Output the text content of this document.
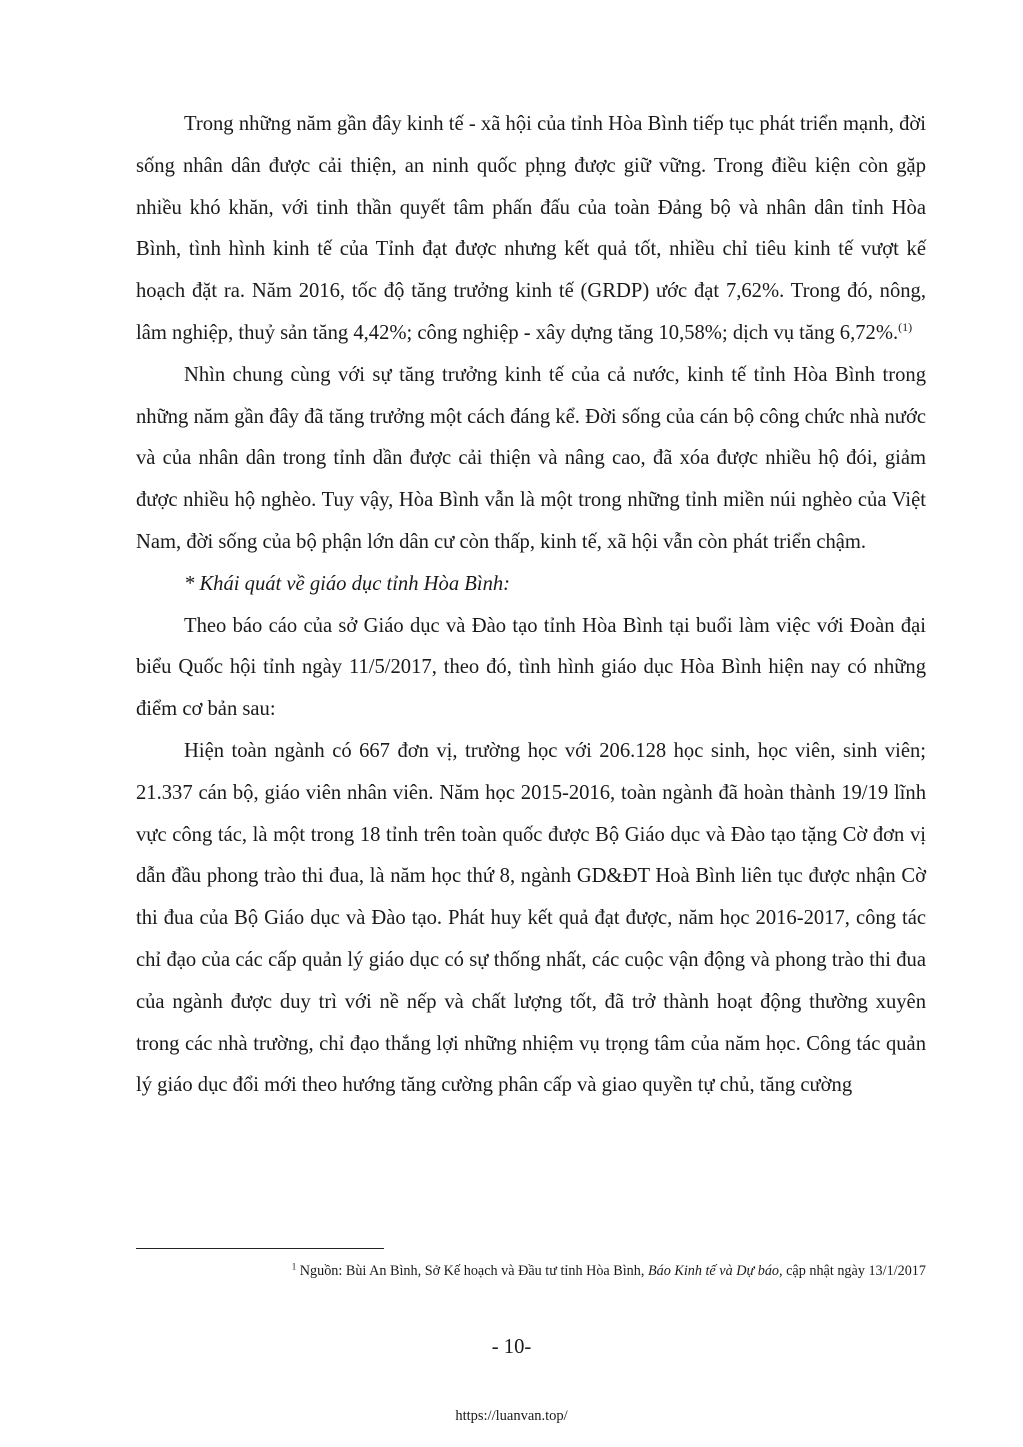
Trong những năm gần đây kinh tế - xã hội của tỉnh Hòa Bình tiếp tục phát triển mạnh, đời sống nhân dân được cải thiện, an ninh quốc pḥng được giữ vững. Trong điều kiện còn gặp nhiều khó khăn, với tinh thần quyết tâm phấn đấu của toàn Đảng bộ và nhân dân tỉnh Hòa Bình, tình hình kinh tế của Tỉnh đạt được nhưng kết quả tốt, nhiều chỉ tiêu kinh tế vượt kế hoạch đặt ra. Năm 2016, tốc độ tăng trưởng kinh tế (GRDP) ước đạt 7,62%. Trong đó, nông, lâm nghiệp, thuỷ sản tăng 4,42%; công nghiệp - xây dựng tăng 10,58%; dịch vụ tăng 6,72%.$^{(1)}$

Nhìn chung cùng với sự tăng trưởng kinh tế của cả nước, kinh tế tỉnh Hòa Bình trong những năm gần đây đã tăng trưởng một cách đáng kể. Đời sống của cán bộ công chức nhà nước và của nhân dân trong tỉnh dần được cải thiện và nâng cao, đã xóa được nhiều hộ đói, giảm được nhiều hộ nghèo. Tuy vậy, Hòa Bình vẫn là một trong những tỉnh miền núi nghèo của Việt Nam, đời sống của bộ phận lớn dân cư còn thấp, kinh tế, xã hội vẫn còn phát triển chậm.

* Khái quát về giáo dục tỉnh Hòa Bình:

Theo báo cáo của sở Giáo dục và Đào tạo tỉnh Hòa Bình tại buổi làm việc với Đoàn đại biểu Quốc hội tỉnh ngày 11/5/2017, theo đó, tình hình giáo dục Hòa Bình hiện nay có những điểm cơ bản sau:

Hiện toàn ngành có 667 đơn vị, trường học với 206.128 học sinh, học viên, sinh viên; 21.337 cán bộ, giáo viên nhân viên. Năm học 2015-2016, toàn ngành đã hoàn thành 19/19 lĩnh vực công tác, là một trong 18 tỉnh trên toàn quốc được Bộ Giáo dục và Đào tạo tặng Cờ đơn vị dẫn đầu phong trào thi đua, là năm học thứ 8, ngành GD&ĐT Hoà Bình liên tục được nhận Cờ thi đua của Bộ Giáo dục và Đào tạo. Phát huy kết quả đạt được, năm học 2016-2017, công tác chỉ đạo của các cấp quản lý giáo dục có sự thống nhất, các cuộc vận động và phong trào thi đua của ngành được duy trì với nề nếp và chất lượng tốt, đã trở thành hoạt động thường xuyên trong các nhà trường, chỉ đạo thắng lợi những nhiệm vụ trọng tâm của năm học. Công tác quản lý giáo dục đổi mới theo hướng tăng cường phân cấp và giao quyền tự chủ, tăng cường

$^1$ Nguồn: Bùi An Bình, Sở Kế hoạch và Đầu tư tỉnh Hòa Bình, Báo Kinh tế và Dự báo, cập nhật ngày 13/1/2017
- 10-
https://luanvan.top/
